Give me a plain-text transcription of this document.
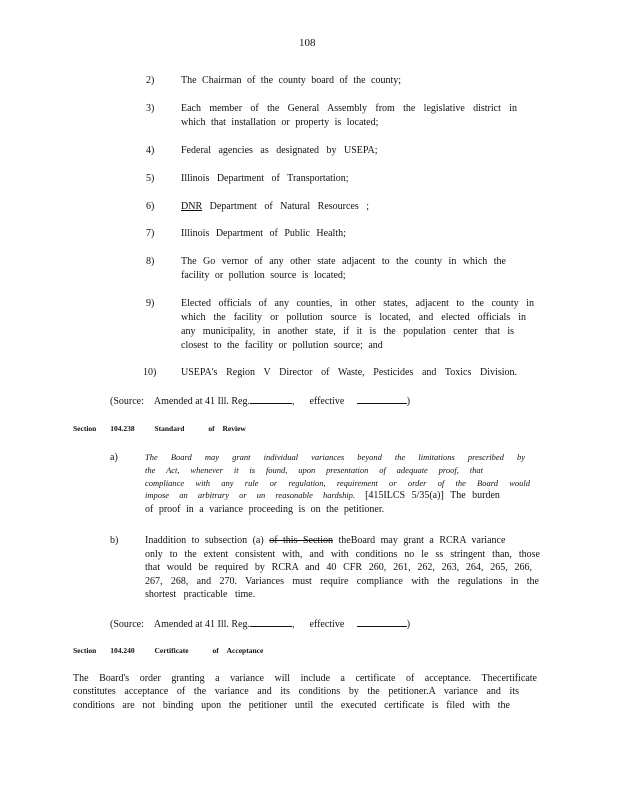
108
2)	The Chairman of the county board of the county;
3)	Each member of the General Assembly from the legislative district in
which that installation or property is located;
4)	Federal agencies as designated by USEPA;
5)	Illinois Department of Transportation;
6)	DNR Department of Natural Resources ;
7)	Illinois Department of Public Health;
8)	The Go vernor of any other state adjacent to the county in which the
facility or pollution source is located;
9)	Elected officials of any counties, in other states, adjacent to the county in
which the facility or pollution source is located, and elected officials in
any municipality, in another state, if it is the population center that is
closest to the facility or pollution source; and
10) USEPA's Region V Director of Waste, Pesticides and Toxics Division.
(Source: Amended at 41 Ill. Reg.	, effective	)
Section 104.238	Standard	of Review
a)	The Board may grant individual variances beyond the limitations prescribed by
the Act, whenever it is found, upon presentation of adequate proof, that
compliance with any rule or regulation, requirement or order of the Board would
impose an arbitrary or un reasonable hardship. [415ILCS 5/35(a)] The burden
of proof in a variance proceeding is on the petitioner.
b)	Inaddition to subsection (a) of this Section theBoard may grant a RCRA variance
only to the extent consistent with, and with conditions no le ss stringent than, those
that would be required by RCRA and 40 CFR 260, 261, 262, 263, 264, 265, 266,
267, 268, and 270. Variances must require compliance with the regulations in the
shortest practicable time.
(Source: Amended at 41 Ill. Reg.	, effective	)
Section 104.240	Certificate	of Acceptance
The Board's order granting a variance will include a certificate of acceptance. Thecertificate
constitutes acceptance of the variance and its conditions by the petitioner.A variance and its
conditions are not binding upon the petitioner until the executed certificate is filed with the
